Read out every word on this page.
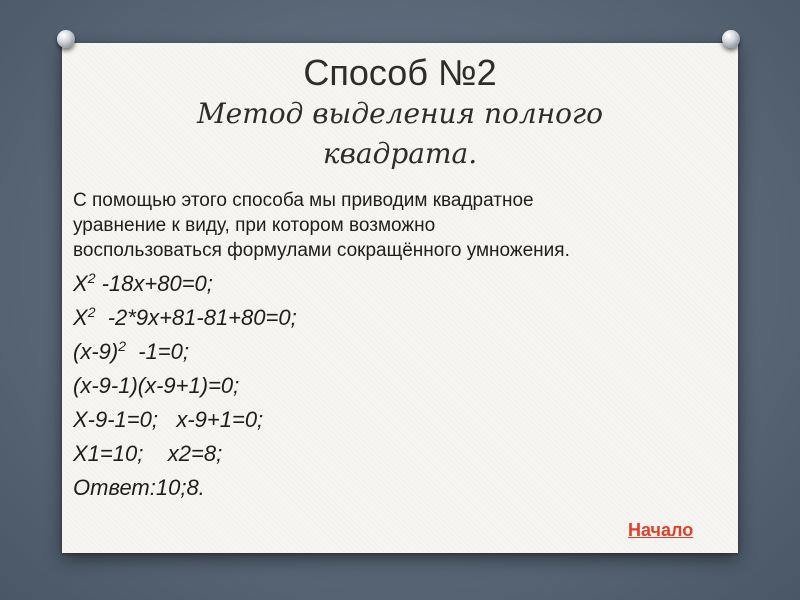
Способ №2
Метод выделения полного
квадрата.
С помощью этого способа мы приводим квадратное
уравнение к виду, при котором возможно
воспользоваться формулами сокращённого умножения.
$X^2$ -18x+80=0;
$X^2$  -2*9x+81-81+80=0;
$(x-9)^2$  -1=0;
(x-9-1)(x-9+1)=0;
X-9-1=0;   x-9+1=0;
X1=10;    x2=8;
Ответ:10;8.
Начало
